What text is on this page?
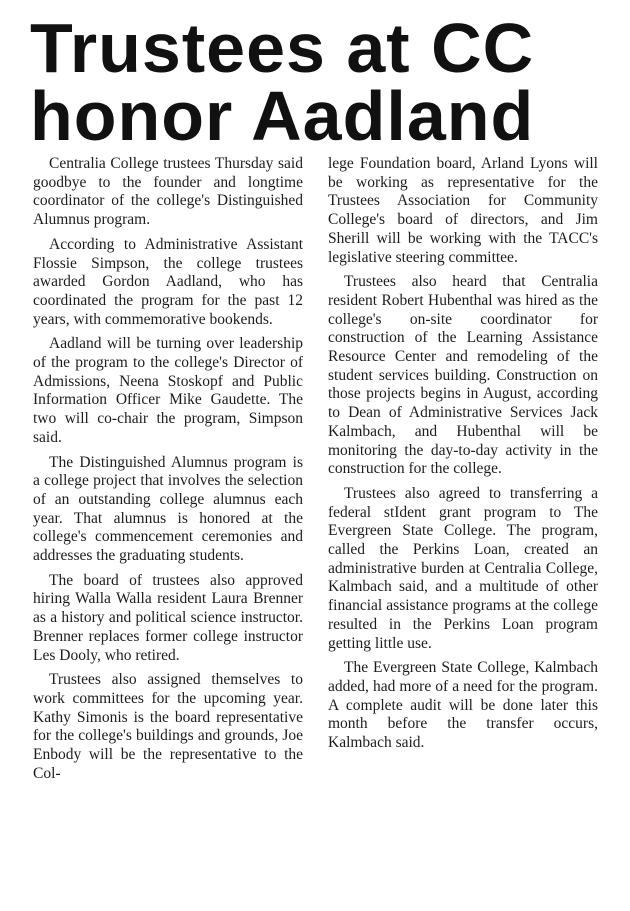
Trustees at CC
honor Aadland

Centralia College trustees Thursday said goodbye to the founder and longtime coordinator of the college's Distinguished Alumnus program.

According to Administrative Assistant Flossie Simpson, the college trustees awarded Gordon Aadland, who has coordinated the program for the past 12 years, with commemorative bookends.

Aadland will be turning over leadership of the program to the college's Director of Admissions, Neena Stoskopf and Public Information Officer Mike Gaudette. The two will co-chair the program, Simpson said.

The Distinguished Alumnus program is a college project that involves the selection of an outstanding college alumnus each year. That alumnus is honored at the college's commencement ceremonies and addresses the graduating students.

The board of trustees also approved hiring Walla Walla resident Laura Brenner as a history and political science instructor. Brenner replaces former college instructor Les Dooly, who retired.

Trustees also assigned themselves to work committees for the upcoming year. Kathy Simonis is the board representative for the college's buildings and grounds, Joe Enbody will be the representative to the Col-

lege Foundation board, Arland Lyons will be working as representative for the Trustees Association for Community College's board of directors, and Jim Sherill will be working with the TACC's legislative steering committee.

Trustees also heard that Centralia resident Robert Hubenthal was hired as the college's on-site coordinator for construction of the Learning Assistance Resource Center and remodeling of the student services building. Construction on those projects begins in August, according to Dean of Administrative Services Jack Kalmbach, and Hubenthal will be monitoring the day-to-day activity in the construction for the college.

Trustees also agreed to transferring a federal stIdent grant program to The Evergreen State College. The program, called the Perkins Loan, created an administrative burden at Centralia College, Kalmbach said, and a multitude of other financial assistance programs at the college resulted in the Perkins Loan program getting little use.

The Evergreen State College, Kalmbach added, had more of a need for the program. A complete audit will be done later this month before the transfer occurs, Kalmbach said.
